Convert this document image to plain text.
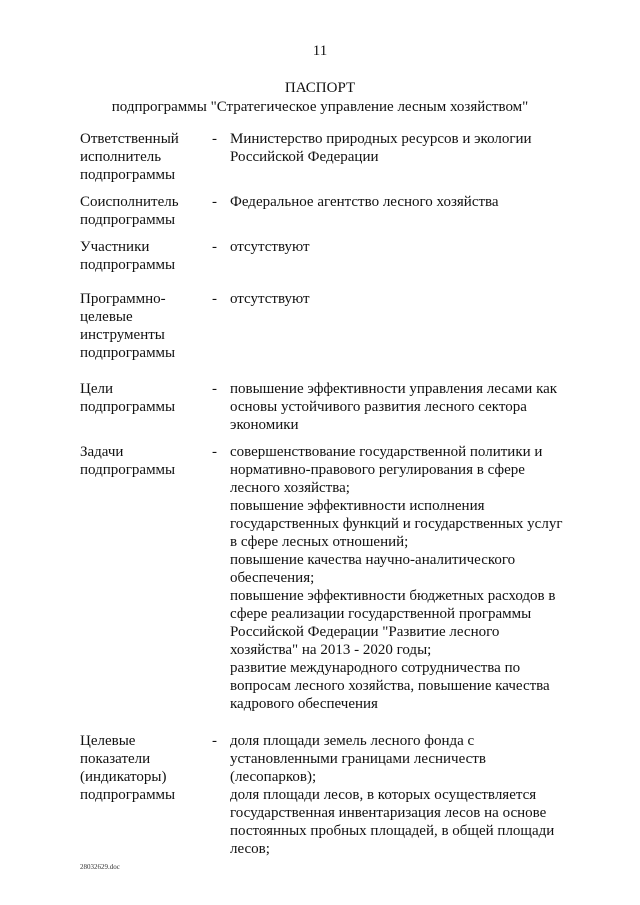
11
ПАСПОРТ
подпрограммы "Стратегическое управление лесным хозяйством"
Ответственный
исполнитель
подпрограммы
- Министерство природных ресурсов и экологии
Российской Федерации
Соисполнитель
подпрограммы
- Федеральное агентство лесного хозяйства
Участники
подпрограммы
- отсутствуют
Программно-
целевые
инструменты
подпрограммы
- отсутствуют
Цели
подпрограммы
- повышение эффективности управления лесами как
основы устойчивого развития лесного сектора
экономики
Задачи
подпрограммы
- совершенствование государственной политики и
нормативно-правового регулирования в сфере
лесного хозяйства;
повышение эффективности исполнения
государственных функций и государственных услуг
в сфере лесных отношений;
повышение качества научно-аналитического
обеспечения;
повышение эффективности бюджетных расходов в
сфере реализации государственной программы
Российской Федерации "Развитие лесного
хозяйства" на 2013 - 2020 годы;
развитие международного сотрудничества по
вопросам лесного хозяйства, повышение качества
кадрового обеспечения
Целевые
показатели
(индикаторы)
подпрограммы
- доля площади земель лесного фонда с
установленными границами лесничеств
(лесопарков);
доля площади лесов, в которых осуществляется
государственная инвентаризация лесов на основе
постоянных пробных площадей, в общей площади
лесов;
28032629.doc
